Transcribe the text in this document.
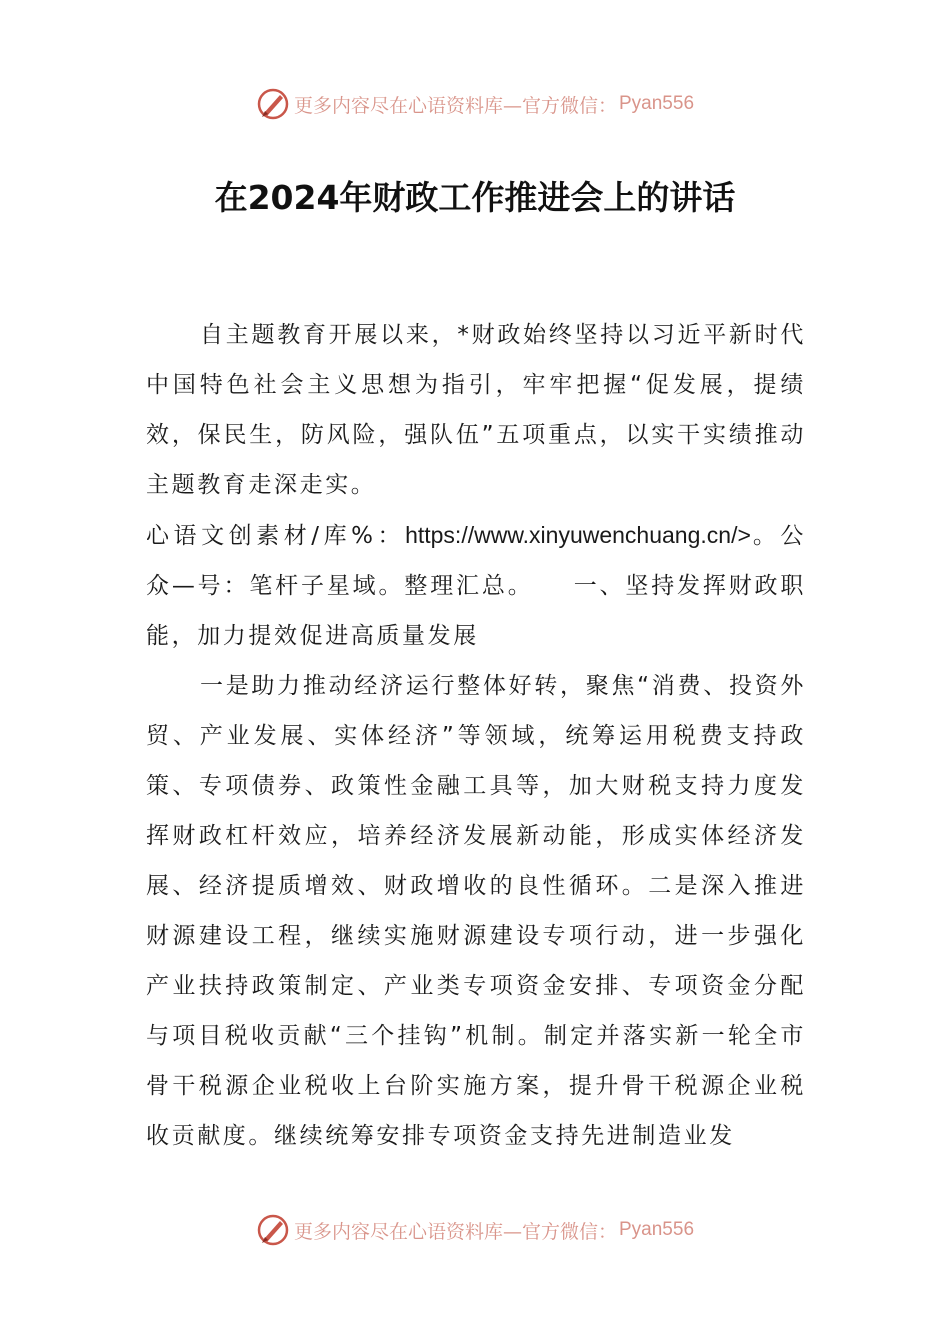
更多内容尽在心语资料库—官方微信： Pyan556
在2024年财政工作推进会上的讲话

自主题教育开展以来，*财政始终坚持以习近平新时代中国特色社会主义思想为指引，牢牢把握“促发展，提绩效，保民生，防风险，强队伍”五项重点，以实干实绩推动主题教育走深走实。

心语文创素材/库%：https://www.xinyuwenchuang.cn/>。公众—号：笔杆子星域。整理汇总。　　一、坚持发挥财政职能，加力提效促进高质量发展

一是助力推动经济运行整体好转，聚焦“消费、投资外贸、产业发展、实体经济”等领域，统筹运用税费支持政策、专项债券、政策性金融工具等，加大财税支持力度发挥财政杠杆效应，培养经济发展新动能，形成实体经济发展、经济提质增效、财政增收的良性循环。二是深入推进财源建设工程，继续实施财源建设专项行动，进一步强化产业扶持政策制定、产业类专项资金安排、专项资金分配与项目税收贡献“三个挂钩”机制。制定并落实新一轮全市骨干税源企业税收上台阶实施方案，提升骨干税源企业税收贡献度。继续统筹安排专项资金支持先进制造业发

更多内容尽在心语资料库—官方微信： Pyan556
